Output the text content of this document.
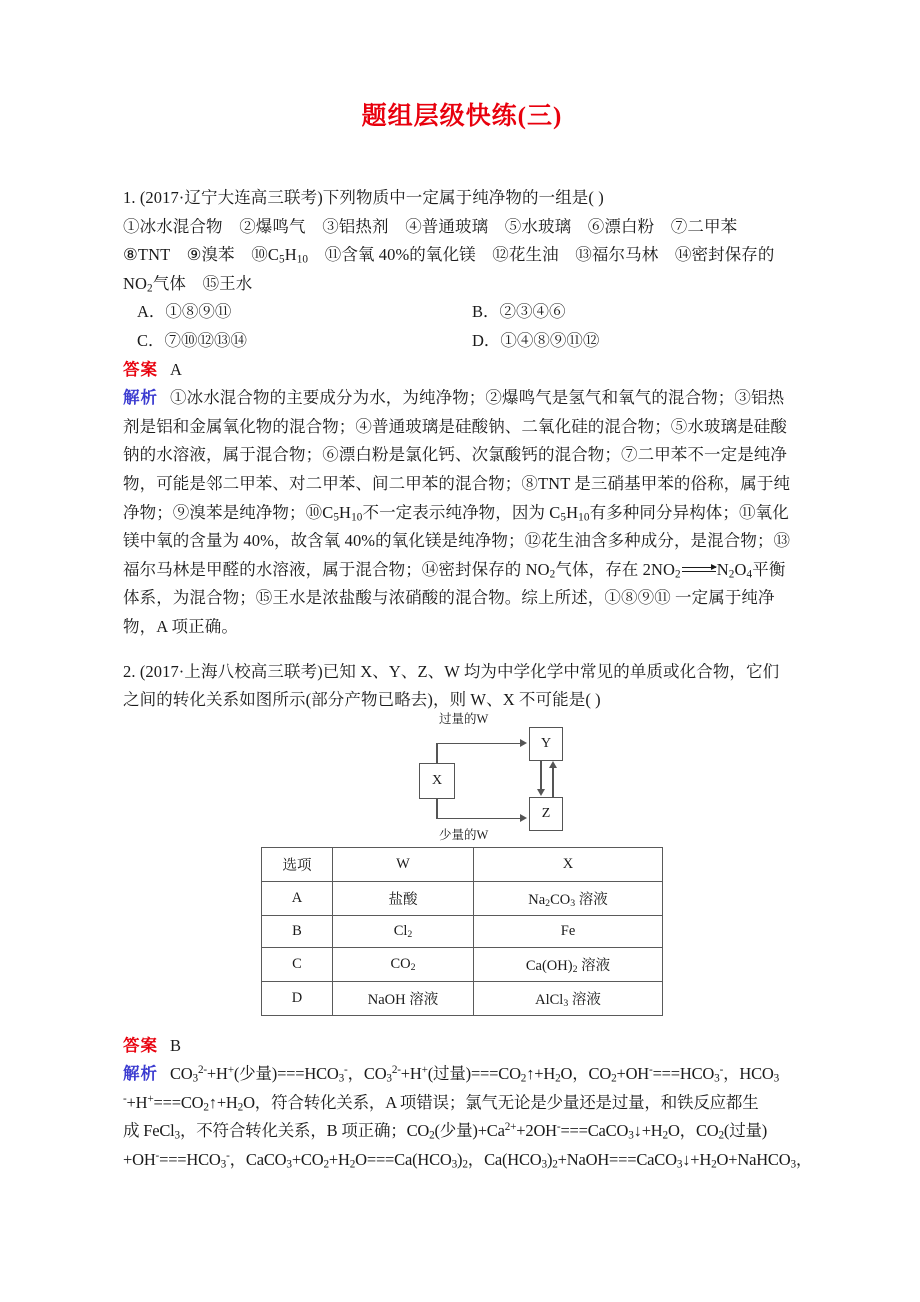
题组层级快练(三)
1. (2017·辽宁大连高三联考)下列物质中一定属于纯净物的一组是( )
①冰水混合物　②爆鸣气　③铝热剂　④普通玻璃　⑤水玻璃　⑥漂白粉　⑦二甲苯
⑧TNT　⑨溴苯　$⑩C_5H_{10}$　⑪含氧 40%的氧化镁　⑫花生油　⑬福尔马林　⑭密封保存的
$NO_2$气体　⑮王水
A．①⑧⑨⑪	B．②③④⑥
C．⑦⑩⑫⑬⑭	D．①④⑧⑨⑪⑫
答案 A
解析 ①冰水混合物的主要成分为水，为纯净物；②爆鸣气是氢气和氧气的混合物；③铝热
剂是铝和金属氧化物的混合物；④普通玻璃是硅酸钠、二氧化硅的混合物；⑤水玻璃是硅酸
钠的水溶液，属于混合物；⑥漂白粉是氯化钙、次氯酸钙的混合物；⑦二甲苯不一定是纯净
物，可能是邻二甲苯、对二甲苯、间二甲苯的混合物；⑧TNT 是三硝基甲苯的俗称，属于纯
净物；⑨溴苯是纯净物；$⑩C_5H_{10}$不一定表示纯净物，因为 $C_5H_{10}$有多种同分异构体；⑪氧化
镁中氧的含量为 40%，故含氧 40%的氧化镁是纯净物；⑫花生油含多种成分，是混合物；⑬
福尔马林是甲醛的水溶液，属于混合物；⑭密封保存的 $NO_2$气体，存在 $2NO_2$ $N_2O_4$平衡
体系，为混合物；⑮王水是浓盐酸与浓硝酸的混合物。综上所述，①⑧⑨⑪ 一定属于纯净
物，A 项正确。
2. (2017·上海八校高三联考)已知 X、Y、Z、W 均为中学化学中常见的单质或化合物，它们
之间的转化关系如图所示(部分产物已略去)，则 W、X 不可能是( )
过量的W
少量的W
X
Y
Z
选项	W	X
A	盐酸	$Na_2CO_3$ 溶液
B	$Cl_2$	Fe
C	$CO_2$	$Ca(OH)_2$ 溶液
D	NaOH 溶液	AlCl$_3$ 溶液
答案 B
解析 $CO_3^{2-}+H^+$(少量)$===HCO_3^-$，$CO_3^{2-}+H^+$(过量)$===CO_2↑+H_2O$，$CO_2+OH^-===HCO_3^-$，$HCO_3$
$^-+H^+===CO_2↑+H_2O$，符合转化关系，A 项错误；氯气无论是少量还是过量，和铁反应都生
成 FeCl$_3$，不符合转化关系，B 项正确；$CO_2$(少量)$+Ca^{2+}+2OH^-===CaCO_3↓+H_2O$，$CO_2$(过量)
$+OH^-===HCO_3^-$，$CaCO_3+CO_2+H_2O===Ca(HCO_3)_2$，$Ca(HCO_3)_2+NaOH===CaCO_3↓+H_2O+NaHCO_3$，
